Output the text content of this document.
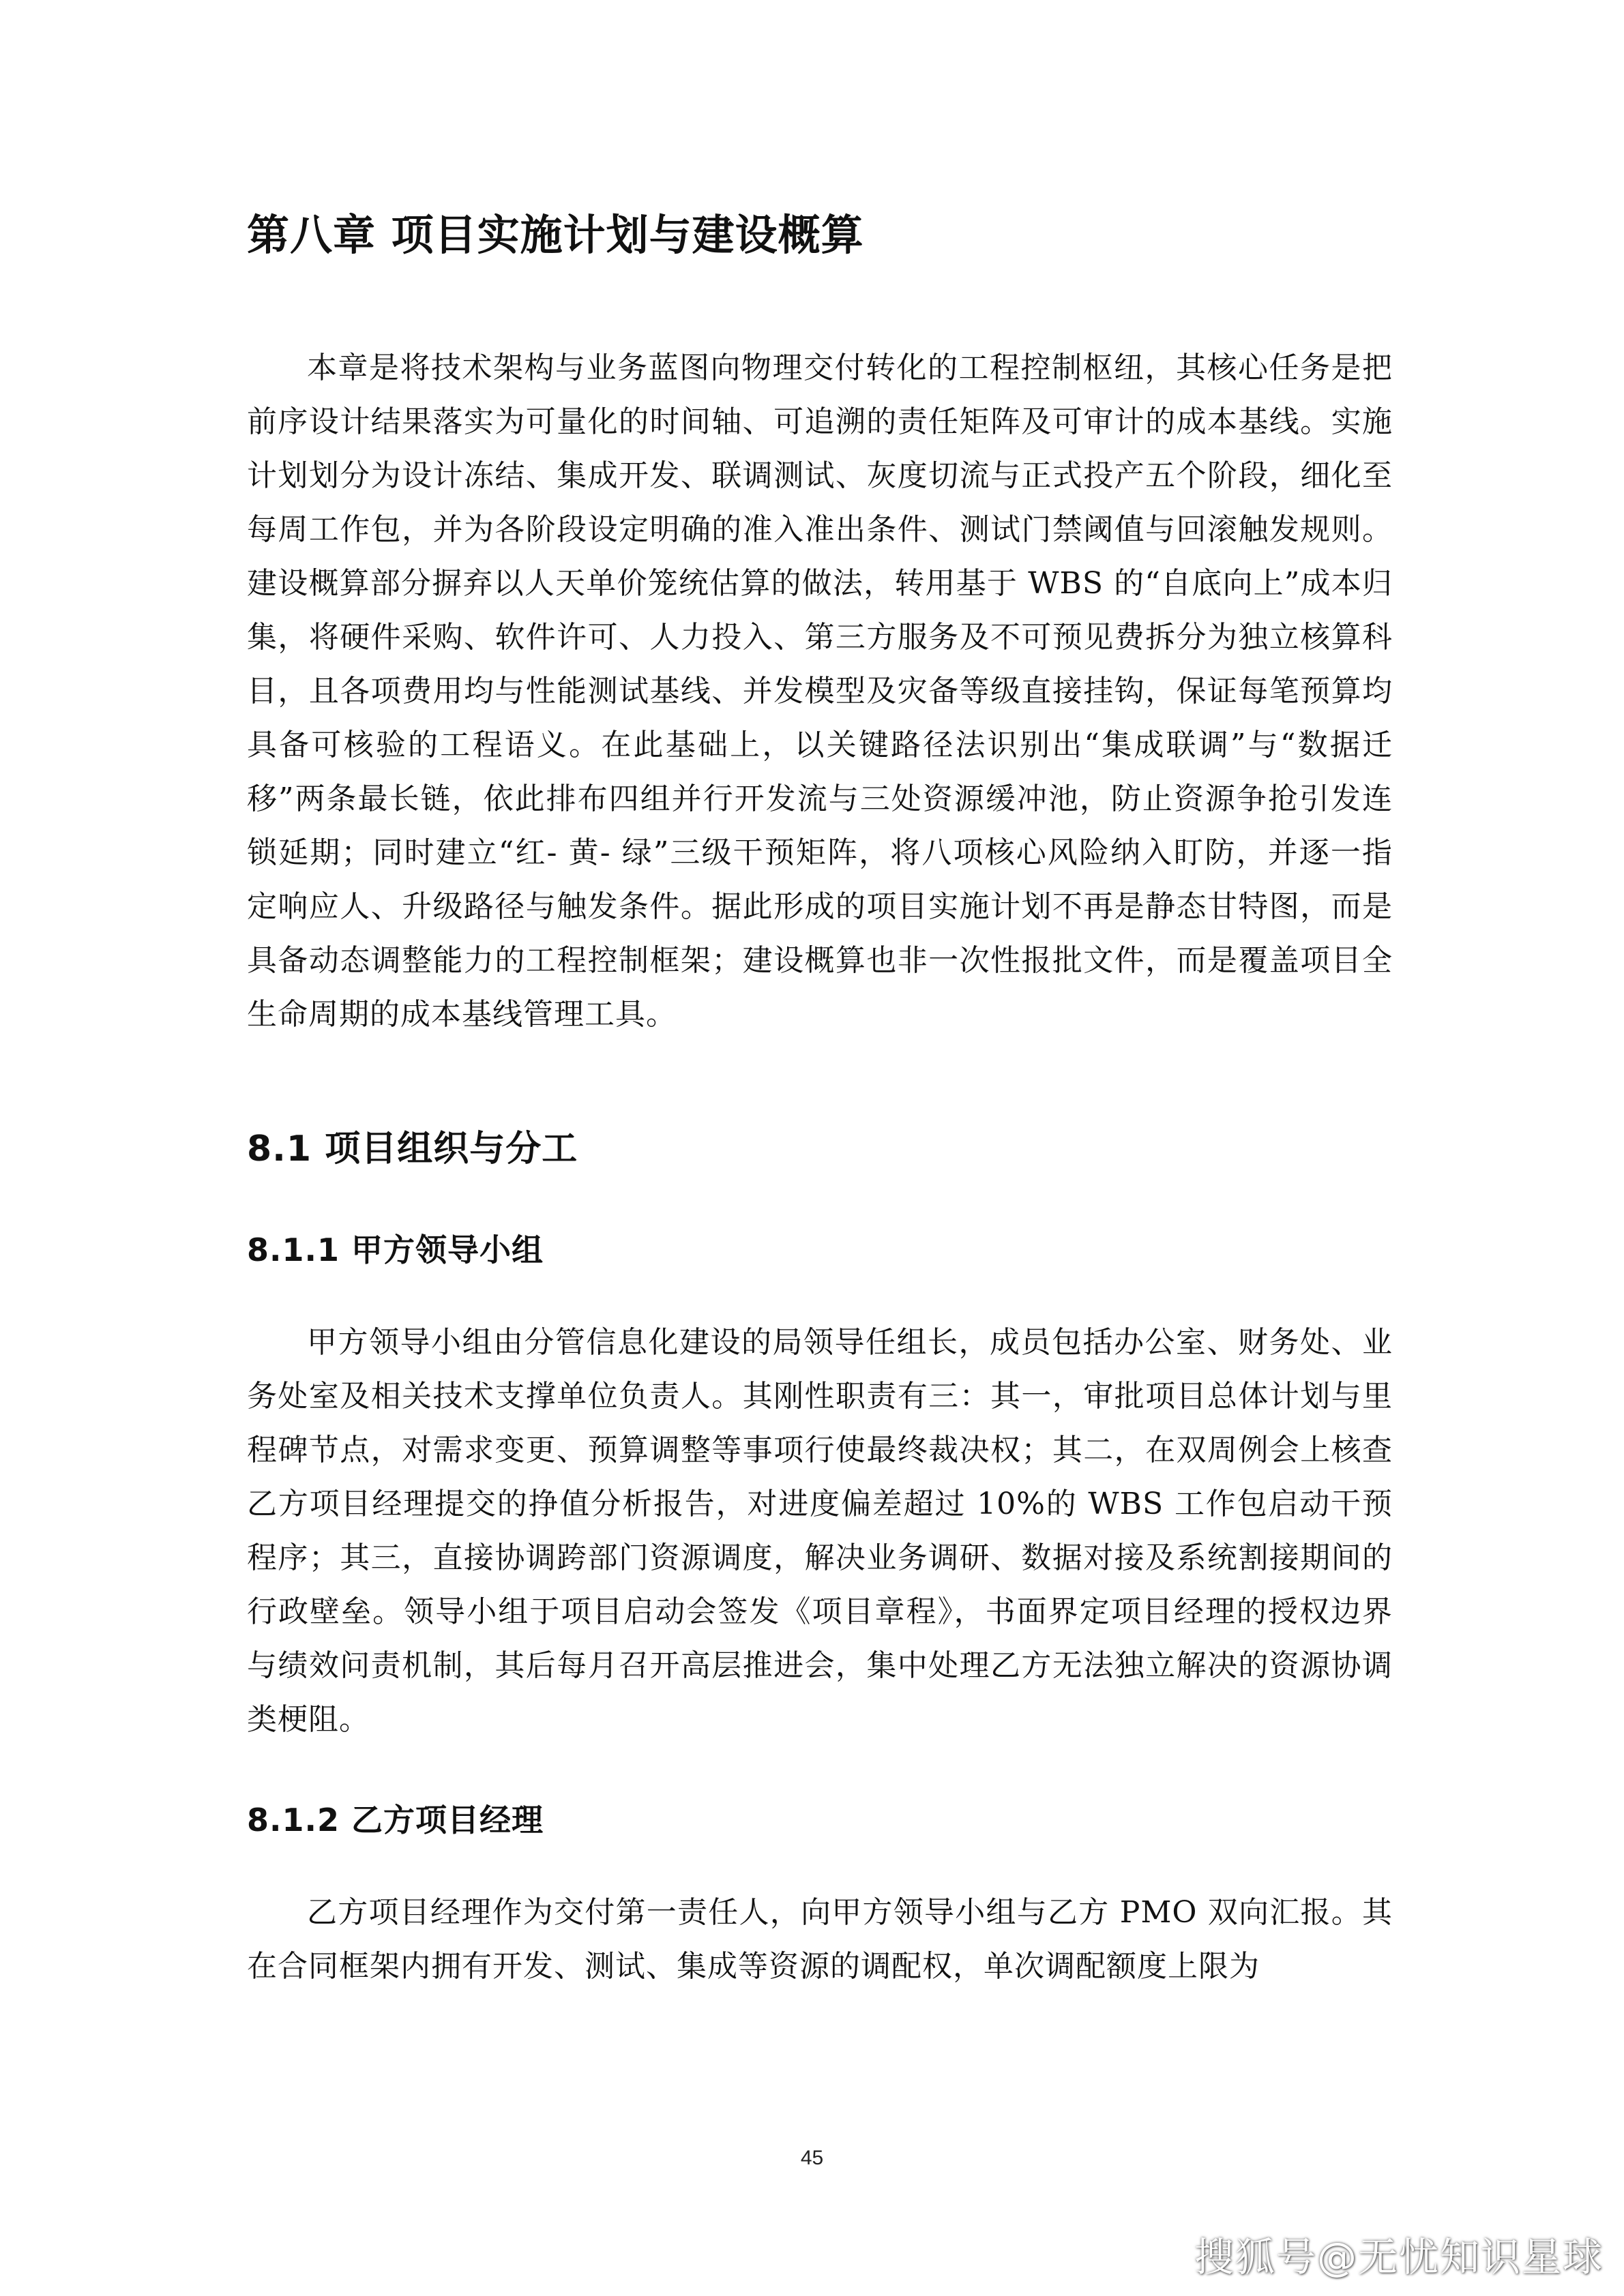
第八章 项目实施计划与建设概算

本章是将技术架构与业务蓝图向物理交付转化的工程控制枢纽，其核心任务是把前序设计结果落实为可量化的时间轴、可追溯的责任矩阵及可审计的成本基线。实施计划划分为设计冻结、集成开发、联调测试、灰度切流与正式投产五个阶段，细化至每周工作包，并为各阶段设定明确的准入准出条件、测试门禁阈值与回滚触发规则。建设概算部分摒弃以人天单价笼统估算的做法，转用基于 WBS 的“自底向上”成本归集，将硬件采购、软件许可、人力投入、第三方服务及不可预见费拆分为独立核算科目，且各项费用均与性能测试基线、并发模型及灾备等级直接挂钩，保证每笔预算均具备可核验的工程语义。在此基础上，以关键路径法识别出“集成联调”与“数据迁移”两条最长链，依此排布四组并行开发流与三处资源缓冲池，防止资源争抢引发连锁延期；同时建立“红- 黄- 绿”三级干预矩阵，将八项核心风险纳入盯防，并逐一指定响应人、升级路径与触发条件。据此形成的项目实施计划不再是静态甘特图，而是具备动态调整能力的工程控制框架；建设概算也非一次性报批文件，而是覆盖项目全生命周期的成本基线管理工具。

8.1 项目组织与分工
8.1.1 甲方领导小组

甲方领导小组由分管信息化建设的局领导任组长，成员包括办公室、财务处、业务处室及相关技术支撑单位负责人。其刚性职责有三：其一，审批项目总体计划与里程碑节点，对需求变更、预算调整等事项行使最终裁决权；其二，在双周例会上核查乙方项目经理提交的挣值分析报告，对进度偏差超过 10%的 WBS 工作包启动干预程序；其三，直接协调跨部门资源调度，解决业务调研、数据对接及系统割接期间的行政壁垒。领导小组于项目启动会签发《项目章程》，书面界定项目经理的授权边界与绩效问责机制，其后每月召开高层推进会，集中处理乙方无法独立解决的资源协调类梗阻。

8.1.2 乙方项目经理

乙方项目经理作为交付第一责任人，向甲方领导小组与乙方 PMO 双向汇报。其在合同框架内拥有开发、测试、集成等资源的调配权，单次调配额度上限为

45
搜狐号@无忧知识星球
